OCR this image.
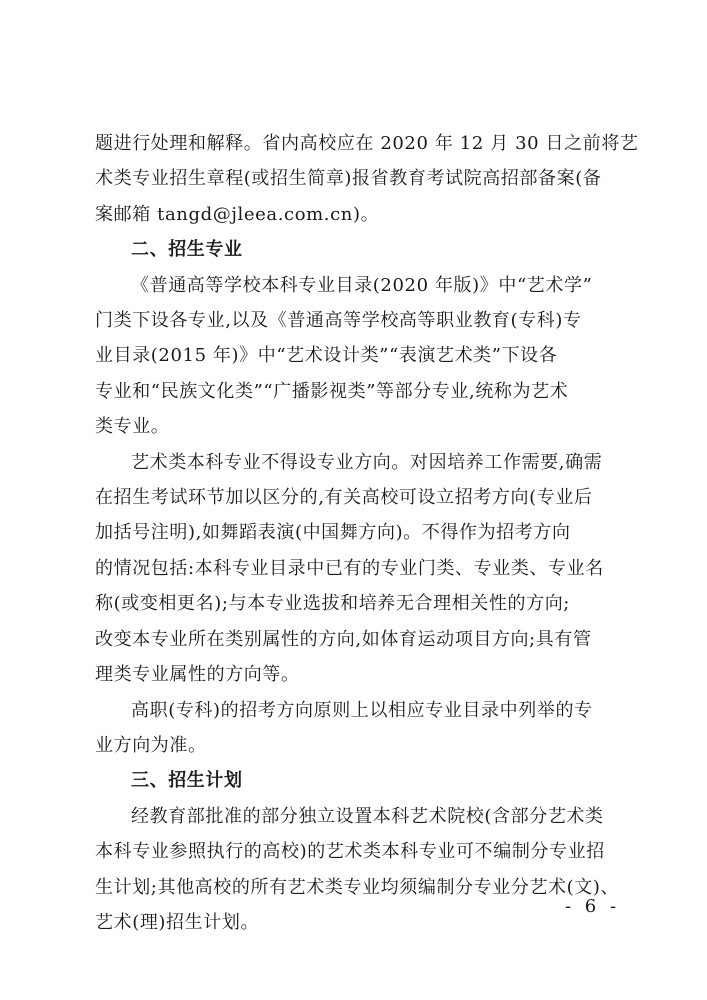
题进行处理和解释。省内高校应在 2020 年 12 月 30 日之前将艺
术类专业招生章程(或招生简章)报省教育考试院高招部备案(备
案邮箱 tangd@jleea.com.cn)。

二、招生专业

《普通高等学校本科专业目录(2020 年版)》中“艺术学”
门类下设各专业,以及《普通高等学校高等职业教育(专科)专
业目录(2015 年)》中“艺术设计类”“表演艺术类”下设各
专业和“民族文化类”“广播影视类”等部分专业,统称为艺术
类专业。

艺术类本科专业不得设专业方向。对因培养工作需要,确需
在招生考试环节加以区分的,有关高校可设立招考方向(专业后
加括号注明),如舞蹈表演(中国舞方向)。不得作为招考方向
的情况包括:本科专业目录中已有的专业门类、专业类、专业名
称(或变相更名);与本专业选拔和培养无合理相关性的方向;
改变本专业所在类别属性的方向,如体育运动项目方向;具有管
理类专业属性的方向等。

高职(专科)的招考方向原则上以相应专业目录中列举的专
业方向为准。

三、招生计划

经教育部批准的部分独立设置本科艺术院校(含部分艺术类
本科专业参照执行的高校)的艺术类本科专业可不编制分专业招
生计划;其他高校的所有艺术类专业均须编制分专业分艺术(文)、
艺术(理)招生计划。

- 6 -
